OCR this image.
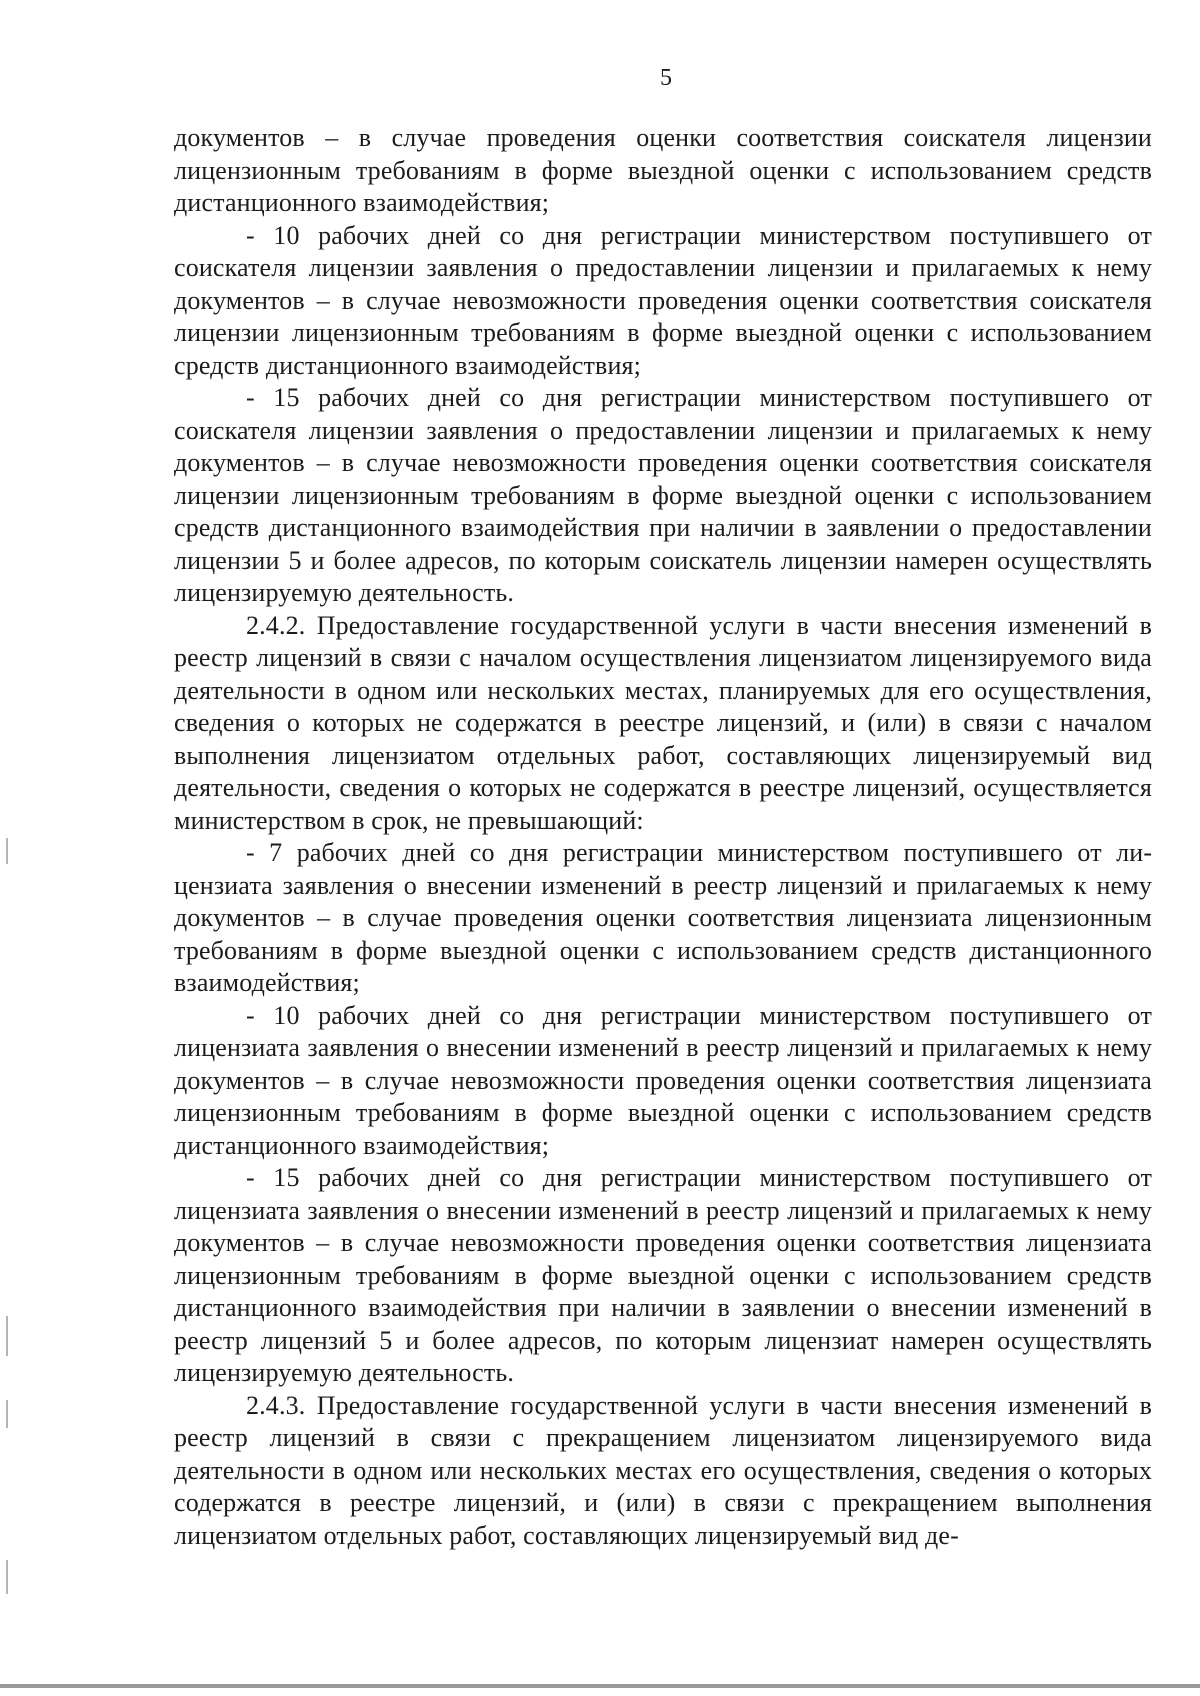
5

документов – в случае проведения оценки соответствия соискателя лицензии лицензионным требованиям в форме выездной оценки с использованием средств дистанционного взаимодействия;

- 10 рабочих дней со дня регистрации министерством поступившего от соискателя лицензии заявления о предоставлении лицензии и прилагаемых к нему документов – в случае невозможности проведения оценки соответствия соискателя лицензии лицензионным требованиям в форме выездной оценки с использованием средств дистанционного взаимодействия;

- 15 рабочих дней со дня регистрации министерством поступившего от соискателя лицензии заявления о предоставлении лицензии и прилагаемых к нему документов – в случае невозможности проведения оценки соответствия соискателя лицензии лицензионным требованиям в форме выездной оценки с использованием средств дистанционного взаимодействия при наличии в заявлении о предоставлении лицензии 5 и более адресов, по которым соискатель лицензии намерен осуществлять лицензируемую деятельность.

2.4.2. Предоставление государственной услуги в части внесения изменений в реестр лицензий в связи с началом осуществления лицензиатом лицензируемого вида деятельности в одном или нескольких местах, планируемых для его осуществления, сведения о которых не содержатся в реестре лицензий, и (или) в связи с началом выполнения лицензиатом отдельных работ, составляющих лицензируемый вид деятельности, сведения о которых не содержатся в реестре лицензий, осуществляется министерством в срок, не превышающий:

- 7 рабочих дней со дня регистрации министерством поступившего от лицензиата заявления о внесении изменений в реестр лицензий и прилагаемых к нему документов – в случае проведения оценки соответствия лицензиата лицензионным требованиям в форме выездной оценки с использованием средств дистанционного взаимодействия;

- 10 рабочих дней со дня регистрации министерством поступившего от лицензиата заявления о внесении изменений в реестр лицензий и прилагаемых к нему документов – в случае невозможности проведения оценки соответствия лицензиата лицензионным требованиям в форме выездной оценки с использованием средств дистанционного взаимодействия;

- 15 рабочих дней со дня регистрации министерством поступившего от лицензиата заявления о внесении изменений в реестр лицензий и прилагаемых к нему документов – в случае невозможности проведения оценки соответствия лицензиата лицензионным требованиям в форме выездной оценки с использованием средств дистанционного взаимодействия при наличии в заявлении о внесении изменений в реестр лицензий 5 и более адресов, по которым лицензиат намерен осуществлять лицензируемую деятельность.

2.4.3. Предоставление государственной услуги в части внесения изменений в реестр лицензий в связи с прекращением лицензиатом лицензируемого вида деятельности в одном или нескольких местах его осуществления, сведения о которых содержатся в реестре лицензий, и (или) в связи с прекращением выполнения лицензиатом отдельных работ, составляющих лицензируемый вид де-
